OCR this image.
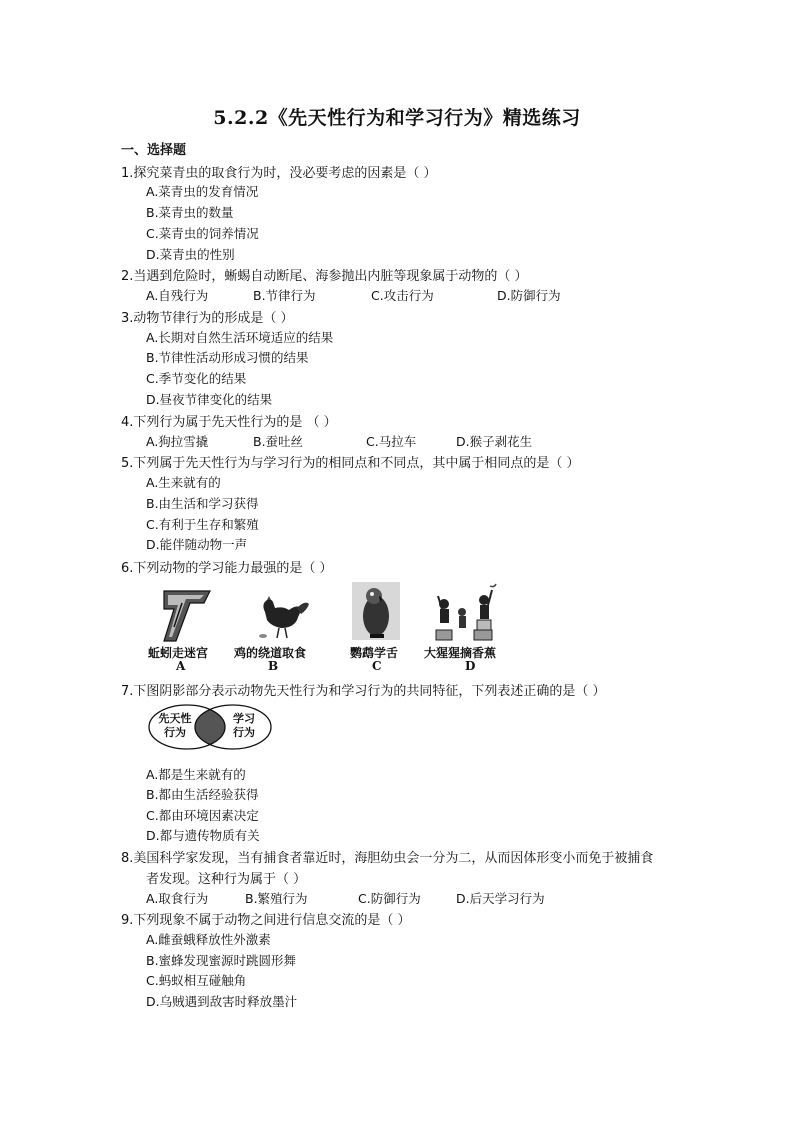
5.2.2《先天性行为和学习行为》精选练习
一、选择题
1.探究菜青虫的取食行为时，没必要考虑的因素是（ ）
A.菜青虫的发育情况
B.菜青虫的数量
C.菜青虫的饲养情况
D.菜青虫的性别
2.当遇到危险时，蜥蜴自动断尾、海参抛出内脏等现象属于动物的（ ）
A.自残行为	B.节律行为	C.攻击行为	D.防御行为
3.动物节律行为的形成是（ ）
A.长期对自然生活环境适应的结果
B.节律性活动形成习惯的结果
C.季节变化的结果
D.昼夜节律变化的结果
4.下列行为属于先天性行为的是 （ ）
A.狗拉雪撬	B.蚕吐丝	C.马拉车	D.猴子剥花生
5.下列属于先天性行为与学习行为的相同点和不同点，其中属于相同点的是（ ）
A.生来就有的
B.由生活和学习获得
C.有利于生存和繁殖
D.能伴随动物一声
6.下列动物的学习能力最强的是（ ）
蚯蚓走迷宫 鸡的绕道取食	鹦鹉学舌 大猩猩摘香蕉
A	B	C	D
7.下图阴影部分表示动物先天性行为和学习行为的共同特征，下列表述正确的是（ ）
先天性
行为
学习
行为
A.都是生来就有的
B.都由生活经验获得
C.都由环境因素决定
D.都与遗传物质有关
8.美国科学家发现，当有捕食者靠近时，海胆幼虫会一分为二，从而因体形变小而免于被捕食
者发现。这种行为属于（ ）
A.取食行为	B.繁殖行为	C.防御行为	D.后天学习行为
9.下列现象不属于动物之间进行信息交流的是（ ）
A.雌蚕蛾释放性外激素
B.蜜蜂发现蜜源时跳圆形舞
C.蚂蚁相互碰触角
D.乌贼遇到敌害时释放墨汁
